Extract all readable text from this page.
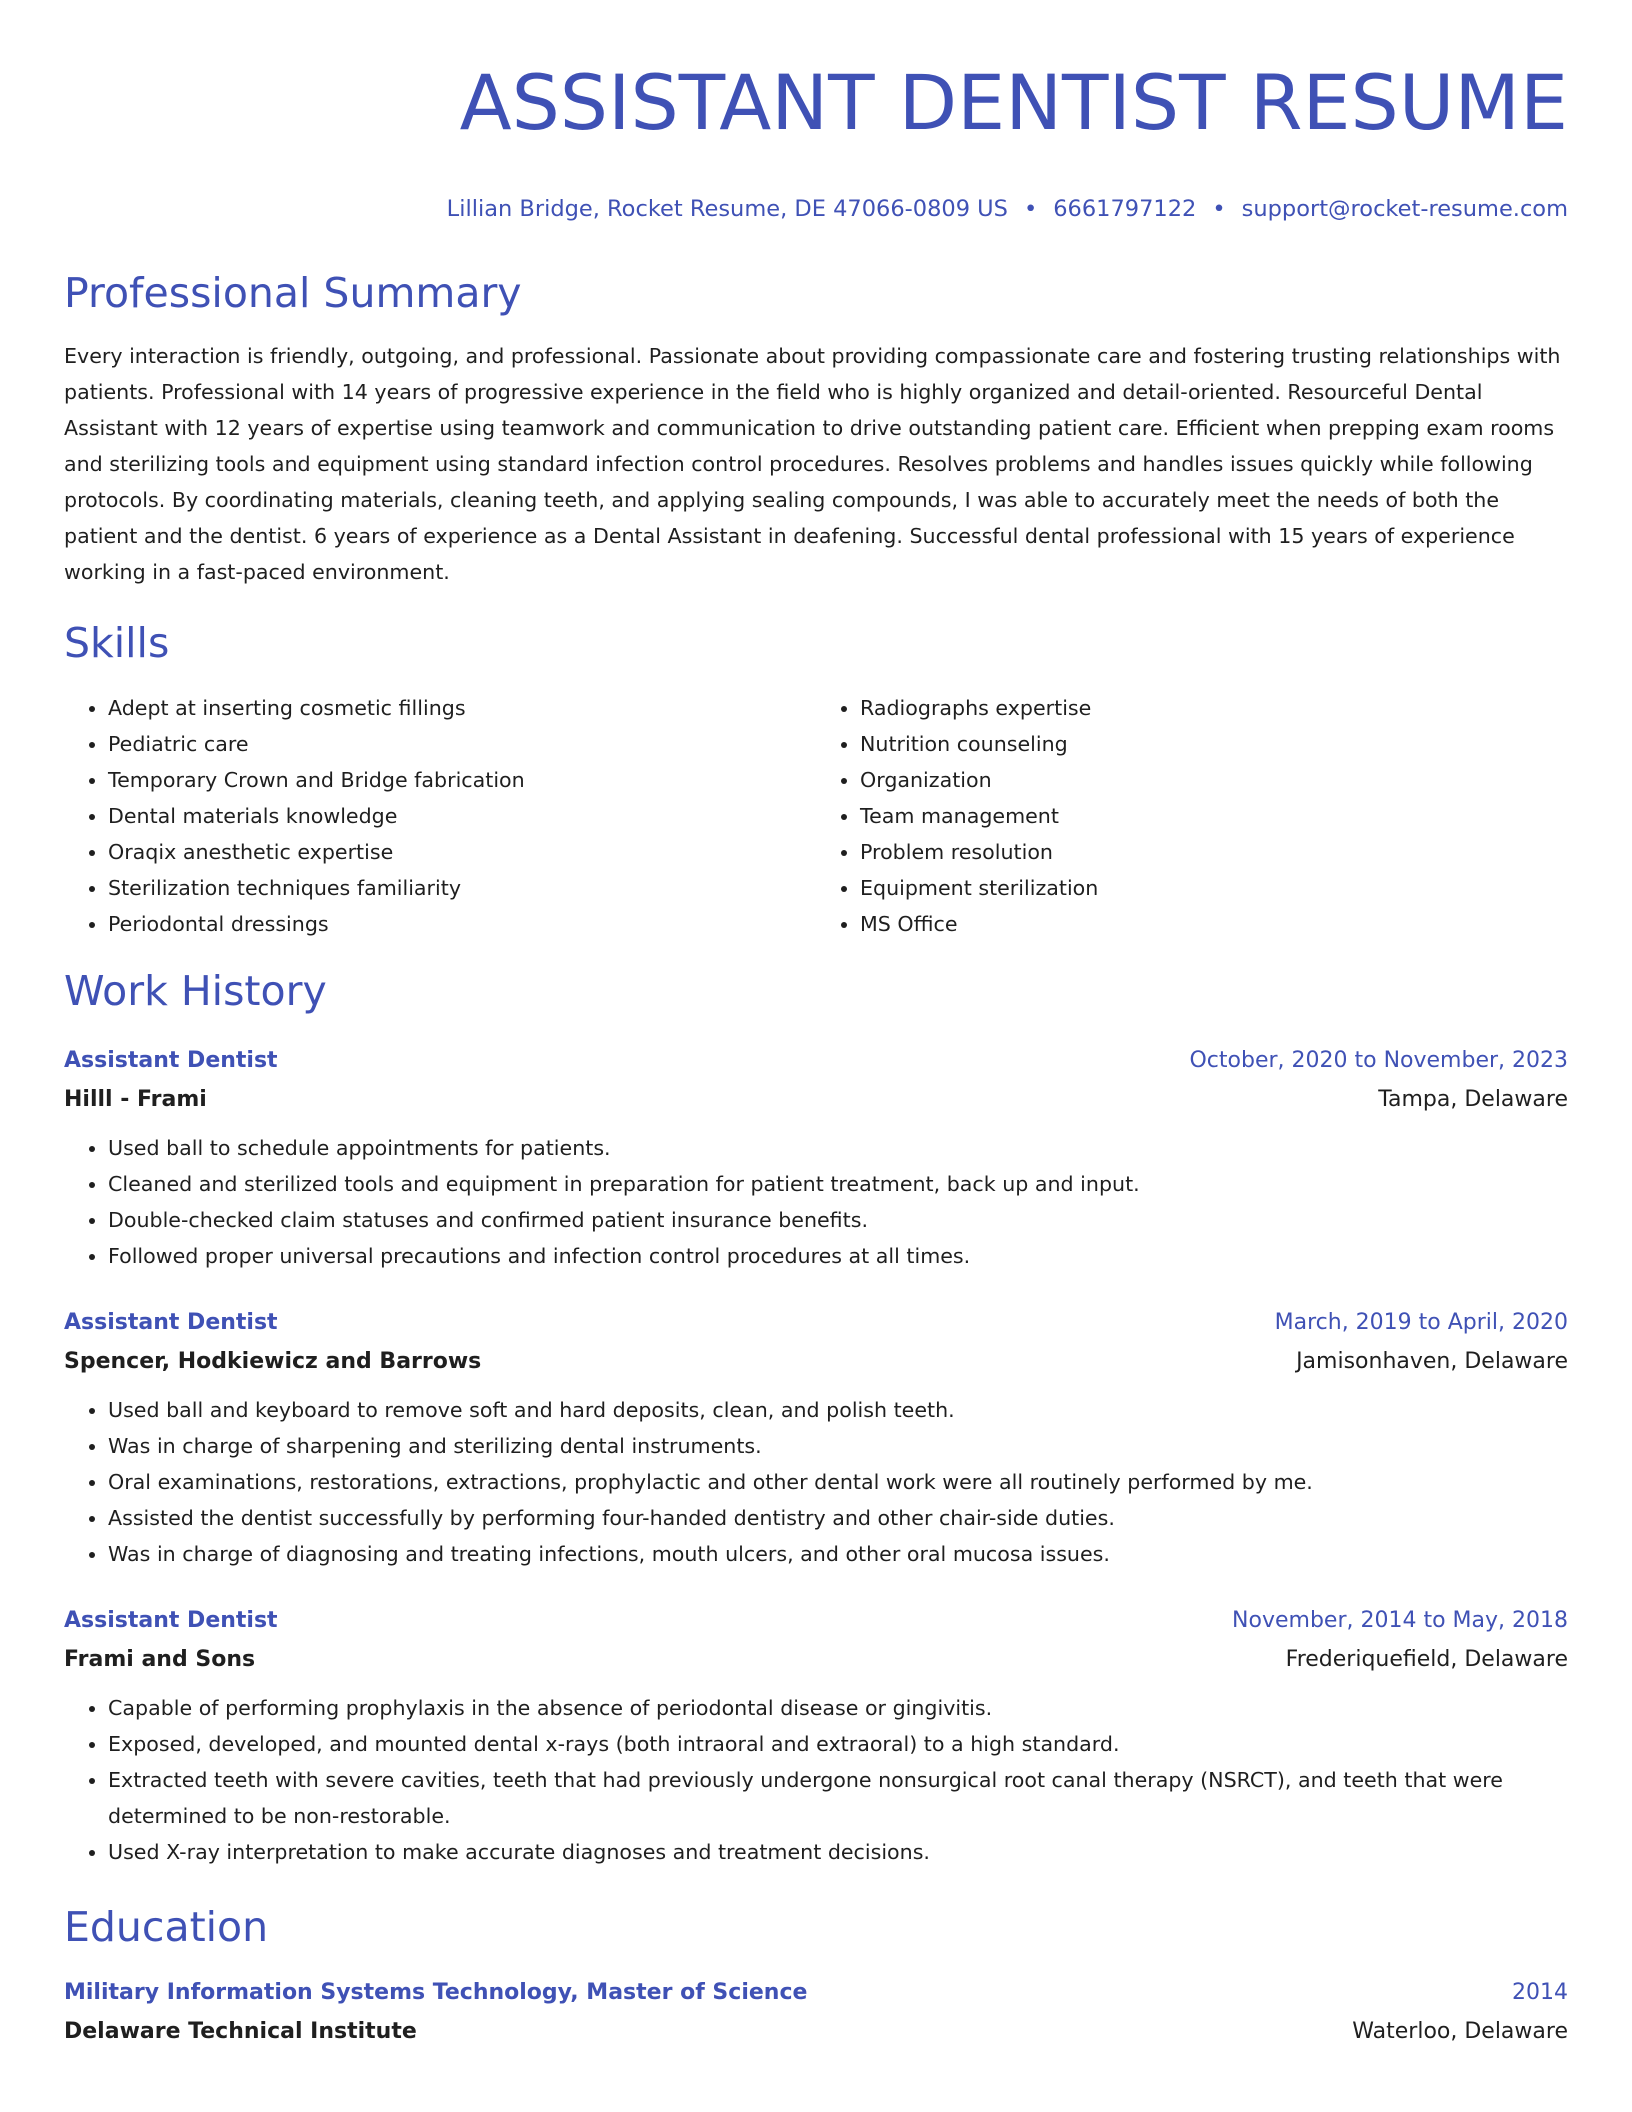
ASSISTANT DENTIST RESUME
Lillian Bridge, Rocket Resume, DE 47066-0809 US • 6661797122 • support@rocket-resume.com
Professional Summary
Every interaction is friendly, outgoing, and professional. Passionate about providing compassionate care and fostering trusting relationships with patients. Professional with 14 years of progressive experience in the field who is highly organized and detail-oriented. Resourceful Dental Assistant with 12 years of expertise using teamwork and communication to drive outstanding patient care. Efficient when prepping exam rooms and sterilizing tools and equipment using standard infection control procedures. Resolves problems and handles issues quickly while following protocols. By coordinating materials, cleaning teeth, and applying sealing compounds, I was able to accurately meet the needs of both the patient and the dentist. 6 years of experience as a Dental Assistant in deafening. Successful dental professional with 15 years of experience working in a fast-paced environment.
Skills
• Adept at inserting cosmetic fillings
• Pediatric care
• Temporary Crown and Bridge fabrication
• Dental materials knowledge
• Oraqix anesthetic expertise
• Sterilization techniques familiarity
• Periodontal dressings
• Radiographs expertise
• Nutrition counseling
• Organization
• Team management
• Problem resolution
• Equipment sterilization
• MS Office
Work History
Assistant Dentist	October, 2020 to November, 2023
Hilll - Frami	Tampa, Delaware
• Used ball to schedule appointments for patients.
• Cleaned and sterilized tools and equipment in preparation for patient treatment, back up and input.
• Double-checked claim statuses and confirmed patient insurance benefits.
• Followed proper universal precautions and infection control procedures at all times.
Assistant Dentist	March, 2019 to April, 2020
Spencer, Hodkiewicz and Barrows	Jamisonhaven, Delaware
• Used ball and keyboard to remove soft and hard deposits, clean, and polish teeth.
• Was in charge of sharpening and sterilizing dental instruments.
• Oral examinations, restorations, extractions, prophylactic and other dental work were all routinely performed by me.
• Assisted the dentist successfully by performing four-handed dentistry and other chair-side duties.
• Was in charge of diagnosing and treating infections, mouth ulcers, and other oral mucosa issues.
Assistant Dentist	November, 2014 to May, 2018
Frami and Sons	Frederiquefield, Delaware
• Capable of performing prophylaxis in the absence of periodontal disease or gingivitis.
• Exposed, developed, and mounted dental x-rays (both intraoral and extraoral) to a high standard.
• Extracted teeth with severe cavities, teeth that had previously undergone nonsurgical root canal therapy (NSRCT), and teeth that were determined to be non-restorable.
• Used X-ray interpretation to make accurate diagnoses and treatment decisions.
Education
Military Information Systems Technology, Master of Science	2014
Delaware Technical Institute	Waterloo, Delaware
